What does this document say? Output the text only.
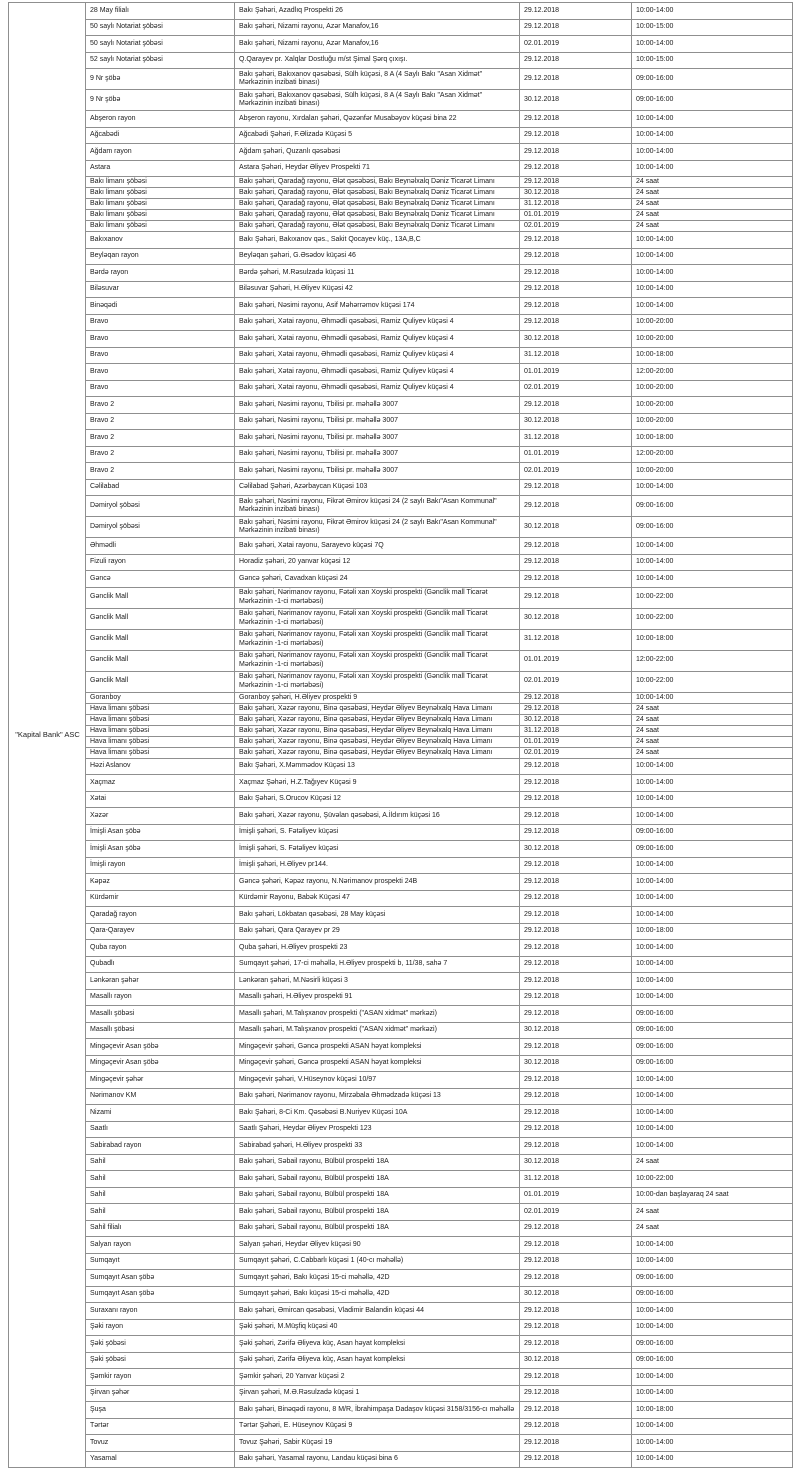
"Kapital Bank" ASC	28 May filialı	Bakı Şəhəri, Azadlıq Prospekti 26	29.12.2018	10:00-14:00
	50 saylı Notariat şöbəsi	Bakı şəhəri, Nizami rayonu, Azər Manafov,16	29.12.2018	10:00-15:00
	50 saylı Notariat şöbəsi	Bakı şəhəri, Nizami rayonu, Azər Manafov,16	02.01.2019	10:00-14:00
	52 saylı Notariat şöbəsi	Q.Qarayev pr. Xalqlar Dostluğu m/st Şimal Şərq çıxışı.	29.12.2018	10:00-15:00
	9 Nr şöbə	Bakı şəhəri, Bakıxanov qəsəbəsi, Sülh küçəsi, 8 A (4 Saylı Bakı "Asan Xidmət" Mərkəzinin inzibati binası)	29.12.2018	09:00-16:00
	9 Nr şöbə	Bakı şəhəri, Bakıxanov qəsəbəsi, Sülh küçəsi, 8 A (4 Saylı Bakı "Asan Xidmət" Mərkəzinin inzibati binası)	30.12.2018	09:00-16:00
	Abşeron rayon	Abşeron rayonu, Xırdalan şəhəri, Qəzənfər Musabəyov küçəsi bina 22	29.12.2018	10:00-14:00
	Ağcabədi	Ağcabədi Şəhəri, F.Əlizadə Küçəsi 5	29.12.2018	10:00-14:00
	Ağdam rayon	Ağdam şəhəri, Quzanlı qəsəbəsi	29.12.2018	10:00-14:00
	Astara	Astara Şəhəri, Heydər Əliyev Prospekti 71	29.12.2018	10:00-14:00
	Bakı limanı şöbəsi	Bakı şəhəri, Qaradağ rayonu, Ələt qəsəbəsi, Bakı Beynəlxalq Dəniz Ticarət Limanı	29.12.2018	24 saat
	Bakı limanı şöbəsi	Bakı şəhəri, Qaradağ rayonu, Ələt qəsəbəsi, Bakı Beynəlxalq Dəniz Ticarət Limanı	30.12.2018	24 saat
	Bakı limanı şöbəsi	Bakı şəhəri, Qaradağ rayonu, Ələt qəsəbəsi, Bakı Beynəlxalq Dəniz Ticarət Limanı	31.12.2018	24 saat
	Bakı limanı şöbəsi	Bakı şəhəri, Qaradağ rayonu, Ələt qəsəbəsi, Bakı Beynəlxalq Dəniz Ticarət Limanı	01.01.2019	24 saat
	Bakı limanı şöbəsi	Bakı şəhəri, Qaradağ rayonu, Ələt qəsəbəsi, Bakı Beynəlxalq Dəniz Ticarət Limanı	02.01.2019	24 saat
	Bakıxanov	Bakı Şəhəri, Bakıxanov qəs., Sakit Qocayev küç., 13A,B,C	29.12.2018	10:00-14:00
	Beyləqan rayon	Beyləqan şəhəri, G.Əsədov küçəsi 46	29.12.2018	10:00-14:00
	Bərdə rayon	Bərdə şəhəri, M.Rəsulzadə küçəsi 11	29.12.2018	10:00-14:00
	Biləsuvar	Biləsuvar Şəhəri, H.Əliyev Küçəsi 42	29.12.2018	10:00-14:00
	Binəqədi	Bakı şəhəri, Nəsimi rayonu, Asif Məhərrəmov küçəsi 174	29.12.2018	10:00-14:00
	Bravo	Bakı şəhəri, Xətai rayonu, Əhmədli qəsəbəsi, Ramiz Quliyev küçəsi 4	29.12.2018	10:00-20:00
	Bravo	Bakı şəhəri, Xətai rayonu, Əhmədli qəsəbəsi, Ramiz Quliyev küçəsi 4	30.12.2018	10:00-20:00
	Bravo	Bakı şəhəri, Xətai rayonu, Əhmədli qəsəbəsi, Ramiz Quliyev küçəsi 4	31.12.2018	10:00-18:00
	Bravo	Bakı şəhəri, Xətai rayonu, Əhmədli qəsəbəsi, Ramiz Quliyev küçəsi 4	01.01.2019	12:00-20:00
	Bravo	Bakı şəhəri, Xətai rayonu, Əhmədli qəsəbəsi, Ramiz Quliyev küçəsi 4	02.01.2019	10:00-20:00
	Bravo 2	Bakı şəhəri, Nəsimi rayonu, Tbilisi pr. məhəllə 3007	29.12.2018	10:00-20:00
	Bravo 2	Bakı şəhəri, Nəsimi rayonu, Tbilisi pr. məhəllə 3007	30.12.2018	10:00-20:00
	Bravo 2	Bakı şəhəri, Nəsimi rayonu, Tbilisi pr. məhəllə 3007	31.12.2018	10:00-18:00
	Bravo 2	Bakı şəhəri, Nəsimi rayonu, Tbilisi pr. məhəllə 3007	01.01.2019	12:00-20:00
	Bravo 2	Bakı şəhəri, Nəsimi rayonu, Tbilisi pr. məhəllə 3007	02.01.2019	10:00-20:00
	Cəlilabad	Cəlilabad Şəhəri, Azərbaycan Küçəsi 103	29.12.2018	10:00-14:00
	Dəmiryol şöbəsi	Bakı şəhəri, Nəsimi rayonu, Fikrət Əmirov küçəsi 24 (2 saylı Bakı"Asan Kommunal" Mərkəzinin inzibati binası)	29.12.2018	09:00-16:00
	Dəmiryol şöbəsi	Bakı şəhəri, Nəsimi rayonu, Fikrət Əmirov küçəsi 24 (2 saylı Bakı"Asan Kommunal" Mərkəzinin inzibati binası)	30.12.2018	09:00-16:00
	Əhmədli	Bakı şəhəri, Xətai rayonu, Sarayevo küçəsi 7Q	29.12.2018	10:00-14:00
	Fizuli rayon	Horadiz şəhəri, 20 yanvar küçəsi 12	29.12.2018	10:00-14:00
	Gəncə	Gəncə şəhəri, Cavadxan küçəsi 24	29.12.2018	10:00-14:00
	Gənclik Mall	Bakı şəhəri, Nərimanov rayonu, Fətəli xan Xoyski prospekti (Gənclik mall Ticarət Mərkəzinin -1-ci mərtəbəsi)	29.12.2018	10:00-22:00
	Gənclik Mall	Bakı şəhəri, Nərimanov rayonu, Fətəli xan Xoyski prospekti (Gənclik mall Ticarət Mərkəzinin -1-ci mərtəbəsi)	30.12.2018	10:00-22:00
	Gənclik Mall	Bakı şəhəri, Nərimanov rayonu, Fətəli xan Xoyski prospekti (Gənclik mall Ticarət Mərkəzinin -1-ci mərtəbəsi)	31.12.2018	10:00-18:00
	Gənclik Mall	Bakı şəhəri, Nərimanov rayonu, Fətəli xan Xoyski prospekti (Gənclik mall Ticarət Mərkəzinin -1-ci mərtəbəsi)	01.01.2019	12:00-22:00
	Gənclik Mall	Bakı şəhəri, Nərimanov rayonu, Fətəli xan Xoyski prospekti (Gənclik mall Ticarət Mərkəzinin -1-ci mərtəbəsi)	02.01.2019	10:00-22:00
	Goranboy	Goranboy şəhəri, H.Əliyev prospekti 9	29.12.2018	10:00-14:00
	Hava limanı şöbəsi	Bakı şəhəri, Xəzər rayonu, Binə qəsəbəsi, Heydər Əliyev Beynəlxalq Hava Limanı	29.12.2018	24 saat
	Hava limanı şöbəsi	Bakı şəhəri, Xəzər rayonu, Binə qəsəbəsi, Heydər Əliyev Beynəlxalq Hava Limanı	30.12.2018	24 saat
	Hava limanı şöbəsi	Bakı şəhəri, Xəzər rayonu, Binə qəsəbəsi, Heydər Əliyev Beynəlxalq Hava Limanı	31.12.2018	24 saat
	Hava limanı şöbəsi	Bakı şəhəri, Xəzər rayonu, Binə qəsəbəsi, Heydər Əliyev Beynəlxalq Hava Limanı	01.01.2019	24 saat
	Hava limanı şöbəsi	Bakı şəhəri, Xəzər rayonu, Binə qəsəbəsi, Heydər Əliyev Beynəlxalq Hava Limanı	02.01.2019	24 saat
	Həzi Aslanov	Bakı Şəhəri, X.Məmmədov Küçəsi 13	29.12.2018	10:00-14:00
	Xaçmaz	Xaçmaz Şəhəri, H.Z.Tağıyev Küçəsi 9	29.12.2018	10:00-14:00
	Xətai	Bakı Şəhəri, S.Orucov Küçəsi 12	29.12.2018	10:00-14:00
	Xəzər	Bakı şəhəri, Xəzər rayonu, Şüvəlan qəsəbəsi, A.İldırım küçəsi 16	29.12.2018	10:00-14:00
	İmişli Asan şöbə	İmişli şəhəri, S. Fətəliyev küçəsi	29.12.2018	09:00-16:00
	İmişli Asan şöbə	İmişli şəhəri, S. Fətəliyev küçəsi	30.12.2018	09:00-16:00
	İmişli rayon	İmişli şəhəri, H.Əliyev pr144.	29.12.2018	10:00-14:00
	Kəpəz	Gəncə şəhəri, Kəpəz rayonu, N.Nərimanov prospekti 24B	29.12.2018	10:00-14:00
	Kürdəmir	Kürdəmir Rayonu, Babək Küçəsi 47	29.12.2018	10:00-14:00
	Qaradağ rayon	Bakı şəhəri, Lökbatan qəsəbəsi, 28 May küçəsi	29.12.2018	10:00-14:00
	Qara-Qarayev	Bakı şəhəri, Qara Qarayev pr 29	29.12.2018	10:00-18:00
	Quba rayon	Quba şəhəri, H.Əliyev prospekti 23	29.12.2018	10:00-14:00
	Qubadlı	Sumqayıt şəhəri, 17-ci məhəllə, H.Əliyev prospekti b, 11/38, sahə 7	29.12.2018	10:00-14:00
	Lənkəran şəhər	Lənkəran şəhəri, M.Nəsirli küçəsi 3	29.12.2018	10:00-14:00
	Masallı rayon	Masallı şəhəri, H.Əliyev prospekti 91	29.12.2018	10:00-14:00
	Masallı şöbəsi	Masallı şəhəri, M.Talışxanov prospekti ("ASAN xidmət" mərkəzi)	29.12.2018	09:00-16:00
	Masallı şöbəsi	Masallı şəhəri, M.Talışxanov prospekti ("ASAN xidmət" mərkəzi)	30.12.2018	09:00-16:00
	Mingəçevir Asan şöbə	Mingəçevir şəhəri, Gəncə prospekti ASAN həyat kompleksi	29.12.2018	09:00-16:00
	Mingəçevir Asan şöbə	Mingəçevir şəhəri, Gəncə prospekti ASAN həyat kompleksi	30.12.2018	09:00-16:00
	Mingəçevir şəhər	Mingəçevir şəhəri, V.Hüseynov küçəsi 10/97	29.12.2018	10:00-14:00
	Nərimanov KM	Bakı şəhəri, Nərimanov rayonu, Mirzəbala Əhmədzadə küçəsi 13	29.12.2018	10:00-14:00
	Nizami	Bakı Şəhəri, 8-Ci Km. Qəsəbəsi B.Nuriyev Küçəsi 10A	29.12.2018	10:00-14:00
	Saatlı	Saatlı Şəhəri, Heydər Əliyev Prospekti 123	29.12.2018	10:00-14:00
	Sabirabad rayon	Sabirabad şəhəri, H.Əliyev prospekti 33	29.12.2018	10:00-14:00
	Sahil	Bakı şəhəri, Səbail rayonu, Bülbül prospekti 18A	30.12.2018	24 saat
	Sahil	Bakı şəhəri, Səbail rayonu, Bülbül prospekti 18A	31.12.2018	10:00-22:00
	Sahil	Bakı şəhəri, Səbail rayonu, Bülbül prospekti 18A	01.01.2019	10:00-dan başlayaraq 24 saat
	Sahil	Bakı şəhəri, Səbail rayonu, Bülbül prospekti 18A	02.01.2019	24 saat
	Sahil filialı	Bakı şəhəri, Səbail rayonu, Bülbül prospekti 18A	29.12.2018	24 saat
	Salyan rayon	Salyan şəhəri, Heydər Əliyev küçəsi 90	29.12.2018	10:00-14:00
	Sumqayıt	Sumqayıt şəhəri, C.Cabbarlı küçəsi 1 (40-cı məhəllə)	29.12.2018	10:00-14:00
	Sumqayıt Asan şöbə	Sumqayıt şəhəri, Bakı küçəsi 15-ci məhəllə, 42D	29.12.2018	09:00-16:00
	Sumqayıt Asan şöbə	Sumqayıt şəhəri, Bakı küçəsi 15-ci məhəllə, 42D	30.12.2018	09:00-16:00
	Suraxanı rayon	Bakı şəhəri, Əmircan qəsəbəsi, Vladimir Balandin küçəsi 44	29.12.2018	10:00-14:00
	Şəki rayon	Şəki şəhəri, M.Müşfiq küçəsi 40	29.12.2018	10:00-14:00
	Şəki şöbəsi	Şəki şəhəri, Zərifə Əliyeva küç, Asan həyat kompleksi	29.12.2018	09:00-16:00
	Şəki şöbəsi	Şəki şəhəri, Zərifə Əliyeva küç, Asan həyat kompleksi	30.12.2018	09:00-16:00
	Şəmkir rayon	Şəmkir şəhəri, 20 Yanvar küçəsi 2	29.12.2018	10:00-14:00
	Şirvan şəhər	Şirvan şəhəri, M.Ə.Rəsulzadə küçəsi 1	29.12.2018	10:00-14:00
	Şuşa	Bakı şəhəri, Binəqədi rayonu, 8 M/R, İbrahimpaşa Dadaşov küçəsi 3158/3156-cı məhəllə	29.12.2018	10:00-18:00
	Tərtər	Tərtər Şəhəri, E. Hüseynov Küçəsi 9	29.12.2018	10:00-14:00
	Tovuz	Tovuz Şəhəri, Sabir Küçəsi 19	29.12.2018	10:00-14:00
	Yasamal	Bakı şəhəri, Yasamal rayonu, Landau küçəsi bina 6	29.12.2018	10:00-14:00
